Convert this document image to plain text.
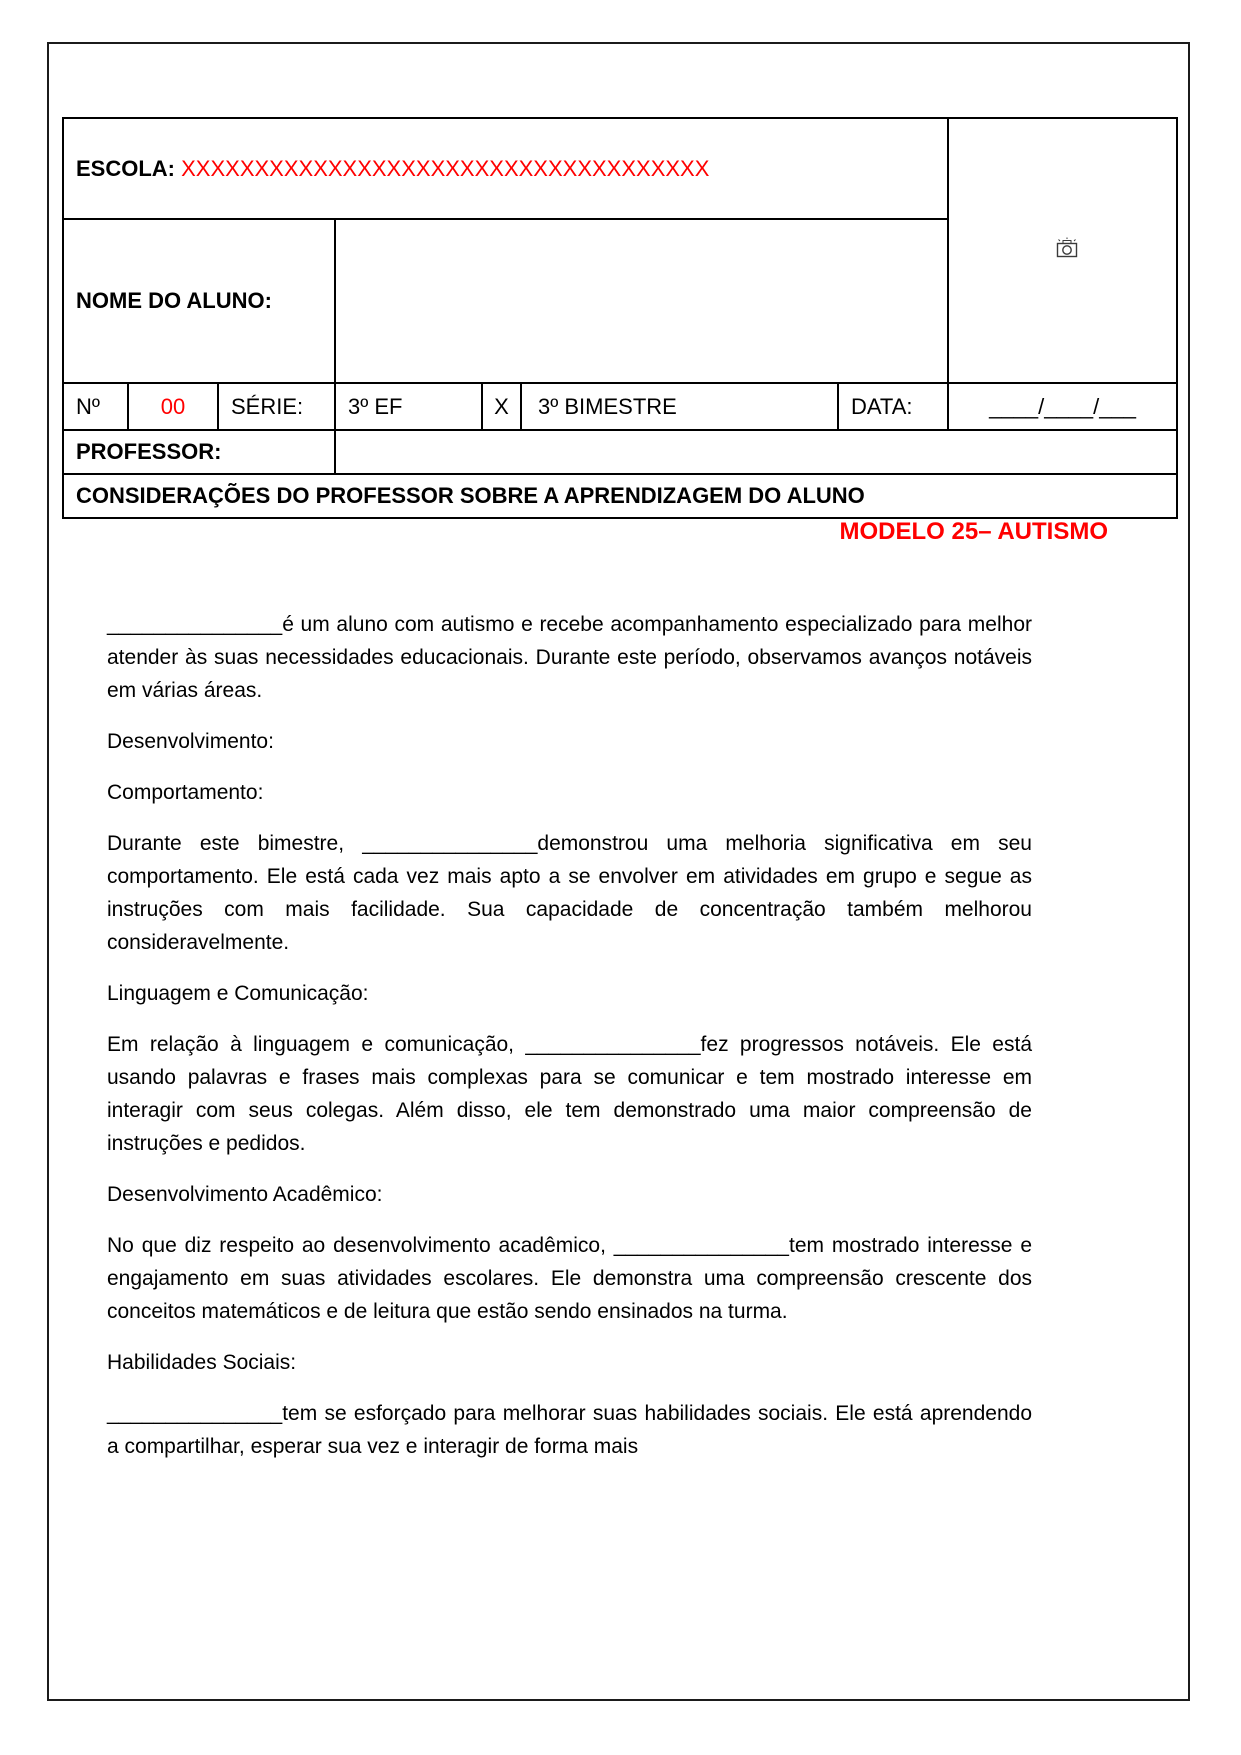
ESCOLA: XXXXXXXXXXXXXXXXXXXXXXXXXXXXXXXXXXXX	
NOME DO ALUNO:							
Nº	00	SÉRIE:	3º EF	X	3º BIMESTRE	DATA:	____/____/___
PROFESSOR:							
CONSIDERAÇÕES DO PROFESSOR SOBRE A APRENDIZAGEM DO ALUNO							
MODELO 25– AUTISMO

_______________é um aluno com autismo e recebe acompanhamento especializado para melhor atender às suas necessidades educacionais. Durante este período, observamos avanços notáveis em várias áreas.

Desenvolvimento:

Comportamento:

Durante este bimestre, _______________demonstrou uma melhoria significativa em seu comportamento. Ele está cada vez mais apto a se envolver em atividades em grupo e segue as instruções com mais facilidade. Sua capacidade de concentração também melhorou consideravelmente.

Linguagem e Comunicação:

Em relação à linguagem e comunicação, _______________fez progressos notáveis. Ele está usando palavras e frases mais complexas para se comunicar e tem mostrado interesse em interagir com seus colegas. Além disso, ele tem demonstrado uma maior compreensão de instruções e pedidos.

Desenvolvimento Acadêmico:

No que diz respeito ao desenvolvimento acadêmico, _______________tem mostrado interesse e engajamento em suas atividades escolares. Ele demonstra uma compreensão crescente dos conceitos matemáticos e de leitura que estão sendo ensinados na turma.

Habilidades Sociais:

_______________tem se esforçado para melhorar suas habilidades sociais. Ele está aprendendo a compartilhar, esperar sua vez e interagir de forma mais
